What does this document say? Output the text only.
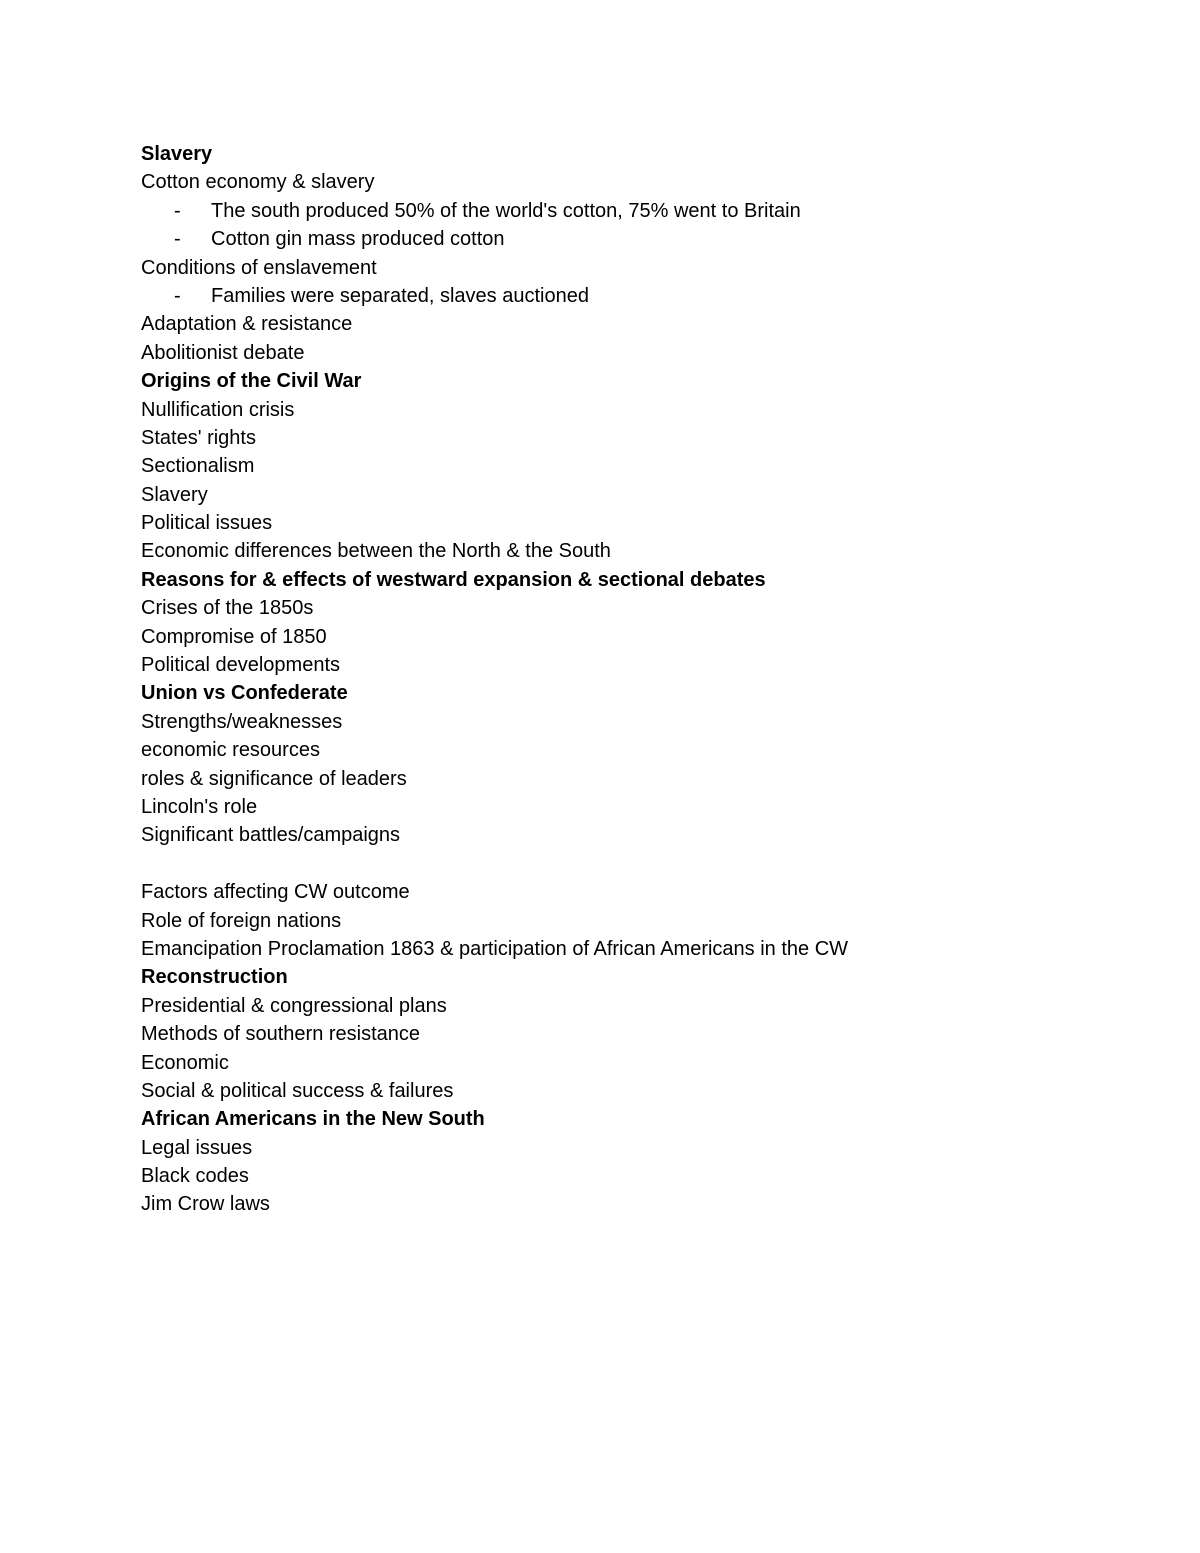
Slavery
Cotton economy & slavery
- The south produced 50% of the world's cotton, 75% went to Britain
- Cotton gin mass produced cotton
Conditions of enslavement
- Families were separated, slaves auctioned
Adaptation & resistance
Abolitionist debate
Origins of the Civil War
Nullification crisis
States' rights
Sectionalism
Slavery
Political issues
Economic differences between the North & the South
Reasons for & effects of westward expansion & sectional debates
Crises of the 1850s
Compromise of 1850
Political developments
Union vs Confederate
Strengths/weaknesses
economic resources
roles & significance of leaders
Lincoln's role
Significant battles/campaigns
Factors affecting CW outcome
Role of foreign nations
Emancipation Proclamation 1863 & participation of African Americans in the CW
Reconstruction
Presidential & congressional plans
Methods of southern resistance
Economic
Social & political success & failures
African Americans in the New South
Legal issues
Black codes
Jim Crow laws
